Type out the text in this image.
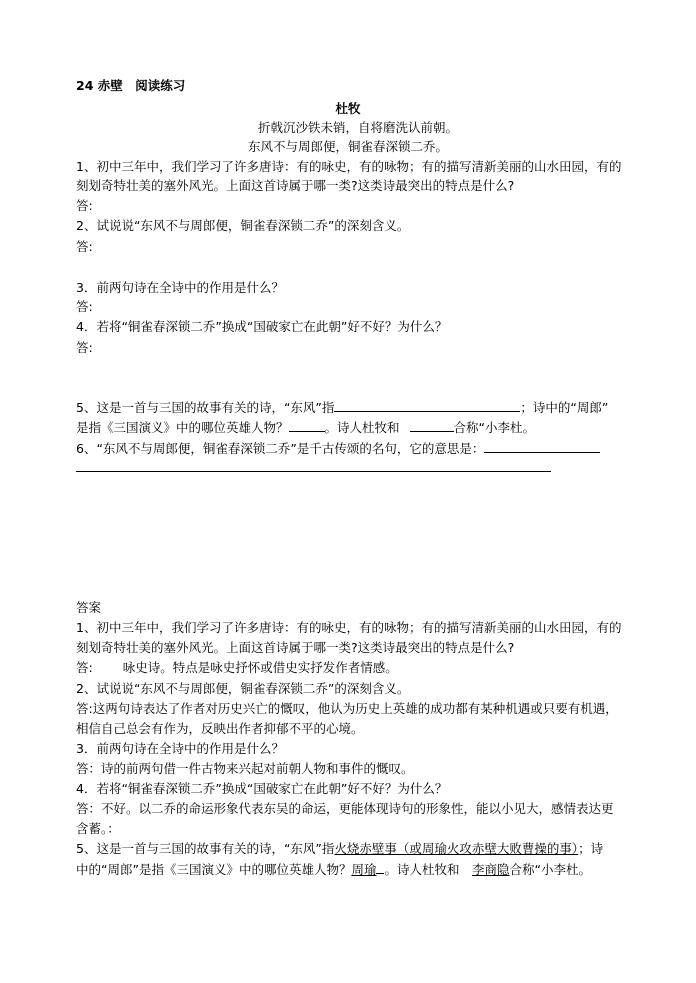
24 赤壁　阅读练习
杜牧
折戟沉沙铁未销，自将磨洗认前朝。
东风不与周郎便，铜雀春深锁二乔。
1、初中三年中，我们学习了许多唐诗：有的咏史，有的咏物；有的描写清新美丽的山水田园，有的
刻划奇特壮美的塞外风光。上面这首诗属于哪一类?这类诗最突出的特点是什么?
答:
2、试说说“东风不与周郎便，铜雀春深锁二乔”的深刻含义。
答:
3．前两句诗在全诗中的作用是什么？
答:
4．若将“铜雀春深锁二乔”换成“国破家亡在此朝”好不好？为什么？
答:
5、这是一首与三国的故事有关的诗，“东风”指	；诗中的“周郎”
是指《三国演义》中的哪位英雄人物？	。诗人杜牧和	合称“小李杜。
6、“东风不与周郎便，铜雀春深锁二乔”是千古传颂的名句，它的意思是：
答案
1、初中三年中，我们学习了许多唐诗：有的咏史，有的咏物；有的描写清新美丽的山水田园，有的
刻划奇特壮美的塞外风光。上面这首诗属于哪一类?这类诗最突出的特点是什么?
答: 咏史诗。特点是咏史抒怀或借史实抒发作者情感。
2、试说说“东风不与周郎便，铜雀春深锁二乔”的深刻含义。
答:这两句诗表达了作者对历史兴亡的慨叹，他认为历史上英雄的成功都有某种机遇或只要有机遇，
相信自己总会有作为，反映出作者抑郁不平的心境。
3．前两句诗在全诗中的作用是什么？
答：诗的前两句借一件古物来兴起对前朝人物和事件的慨叹。
4．若将“铜雀春深锁二乔”换成“国破家亡在此朝”好不好？为什么？
答：不好。以二乔的命运形象代表东吴的命运，更能体现诗句的形象性，能以小见大，感情表达更
含蓄。：
5、这是一首与三国的故事有关的诗，“东风”指火烧赤壁事（或周瑜火攻赤壁大败曹操的事）；诗
中的“周郎”是指《三国演义》中的哪位英雄人物？周瑜 。诗人杜牧和　李商隐合称“小李杜。
